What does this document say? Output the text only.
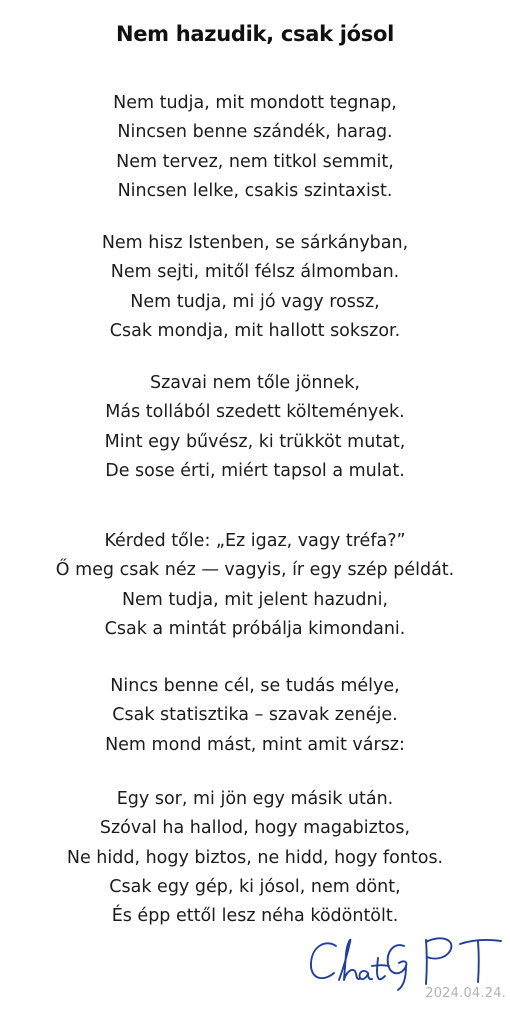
Nem hazudik, csak jósol
Nem tudja, mit mondott tegnap,
Nincsen benne szándék, harag.
Nem tervez, nem titkol semmit,
Nincsen lelke, csakis szintaxist.
Nem hisz Istenben, se sárkányban,
Nem sejti, mitől félsz álmomban.
Nem tudja, mi jó vagy rossz,
Csak mondja, mit hallott sokszor.
Szavai nem tőle jönnek,
Más tollából szedett költemények.
Mint egy bűvész, ki trükköt mutat,
De sose érti, miért tapsol a mulat.
Kérded tőle: „Ez igaz, vagy tréfa?”
Ő meg csak néz — vagyis, ír egy szép példát.
Nem tudja, mit jelent hazudni,
Csak a mintát próbálja kimondani.
Nincs benne cél, se tudás mélye,
Csak statisztika – szavak zenéje.
Nem mond mást, mint amit vársz:
Egy sor, mi jön egy másik után.
Szóval ha hallod, hogy magabiztos,
Ne hidd, hogy biztos, ne hidd, hogy fontos.
Csak egy gép, ki jósol, nem dönt,
És épp ettől lesz néha ködöntölt.
2024.04.24.
